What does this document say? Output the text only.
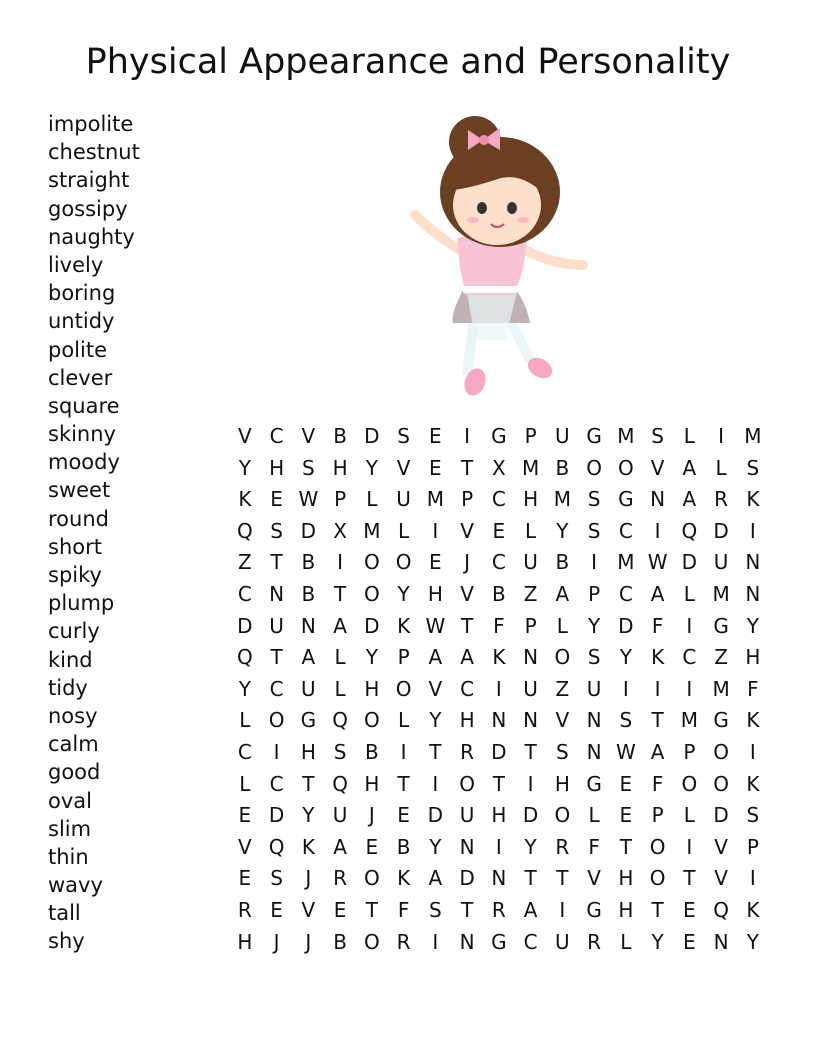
Physical Appearance and Personality
impolite
chestnut
straight
gossipy
naughty
lively
boring
untidy
polite
clever
square
skinny
moody
sweet
round
short
spiky
plump
curly
kind
tidy
nosy
calm
good
oval
slim
thin
wavy
tall
shy
V C V B D S E	I	G P U G M S L	I	M
Y H S H Y V E T X M B O O V A L S
K E W P	L U M P C H M S G N A R K
Q S D X M L	I	V E L	Y S C	I	Q D	I
Z T B	I	O O E	J	C U B	I	M W D U N
C N B T O Y H V B Z A P C A L M N
D U N A D K W T F P	L	Y D F	I	G Y
Q T A L	Y P A A K N O S Y K C Z H
Y C U L H O V C	I	U Z U	I	I	I	M F
L O G Q O L	Y H N N V N S T M G K
C	I	H S B	I	T R D T S N W A P O	I
L C T Q H T	I	O T	I	H G E F O O K
E D Y U	J	E D U H D O L E P	L D S
V Q K A E B Y N	I	Y R F T O	I	V P
E S	J	R O K A D N T T V H O T V	I
R E V E T F S T R A	I	G H T E Q K
H	J	J	B O R	I	N G C U R L	Y E N Y
